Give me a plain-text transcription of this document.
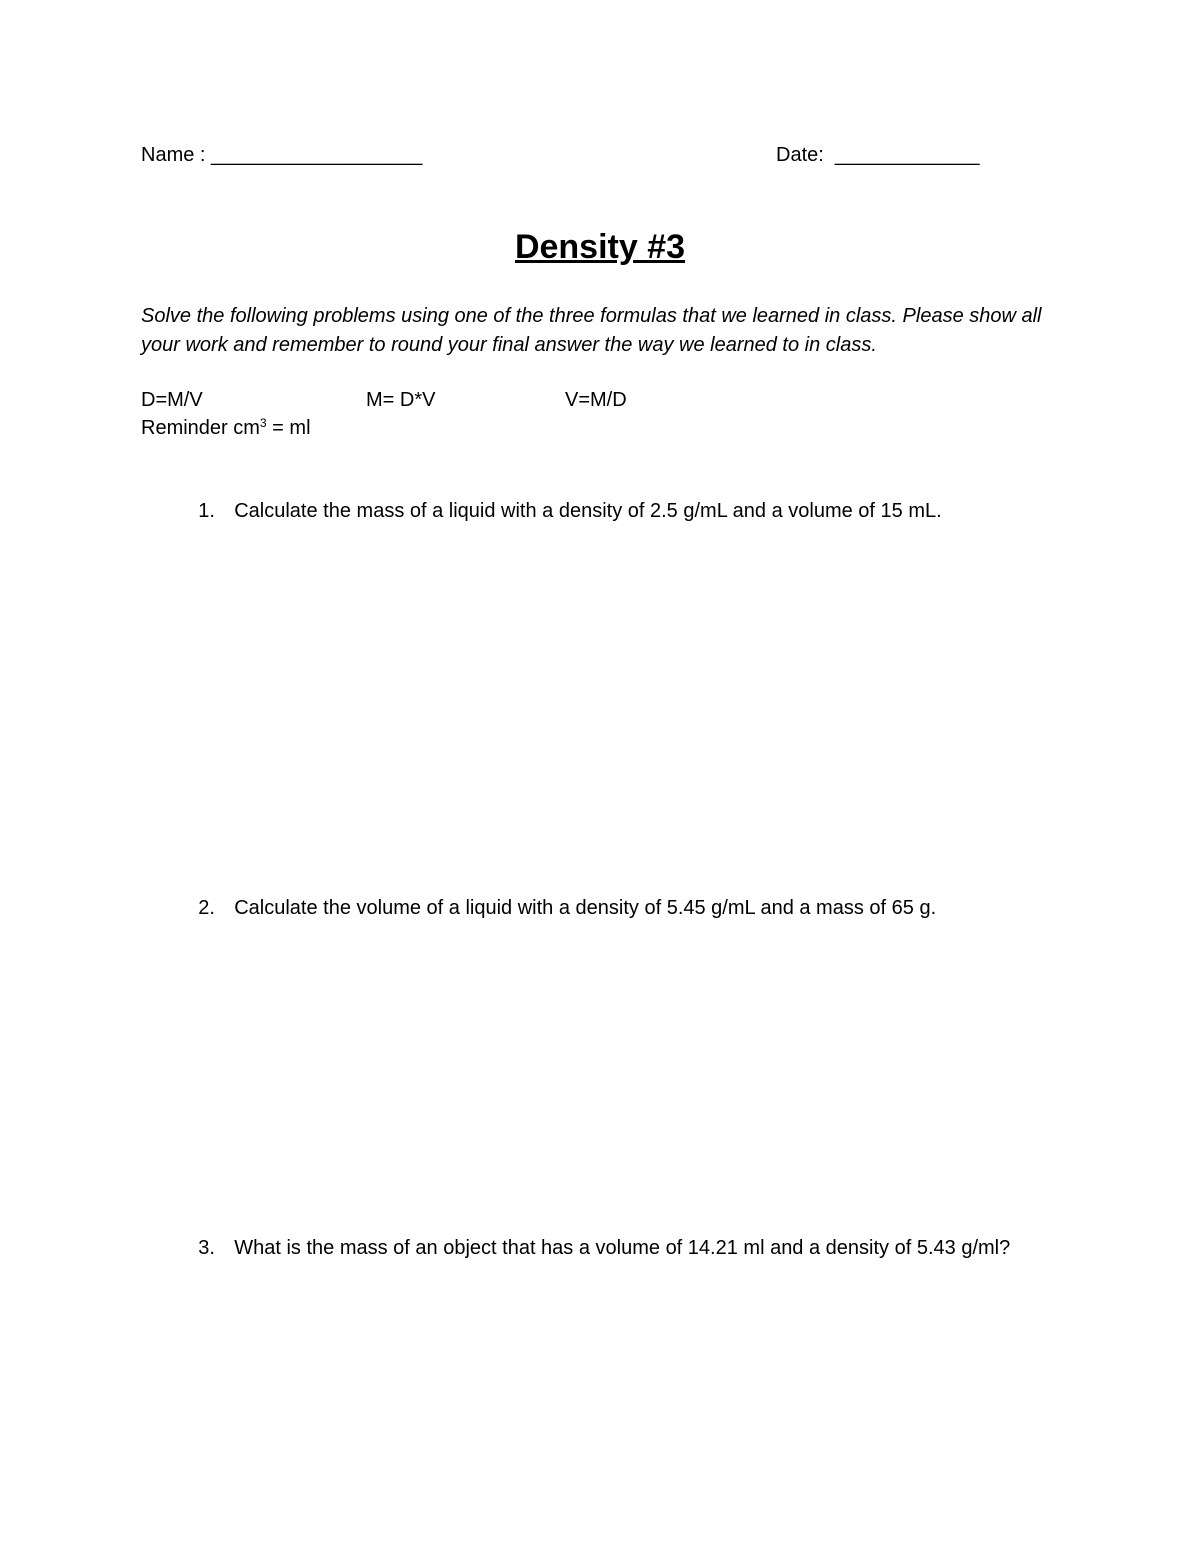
Name : ___________________	Date:  _____________
Density #3
Solve the following problems using one of the three formulas that we learned in class. Please show all your work and remember to round your final answer the way we learned to in class.
D=M/V	M= D*V	V=M/D
Reminder $cm^3$ = ml

1. Calculate the mass of a liquid with a density of 2.5 g/mL and a volume of 15 mL.

2. Calculate the volume of a liquid with a density of 5.45 g/mL and a mass of 65 g.

3. What is the mass of an object that has a volume of 14.21 ml and a density of 5.43 g/ml?
